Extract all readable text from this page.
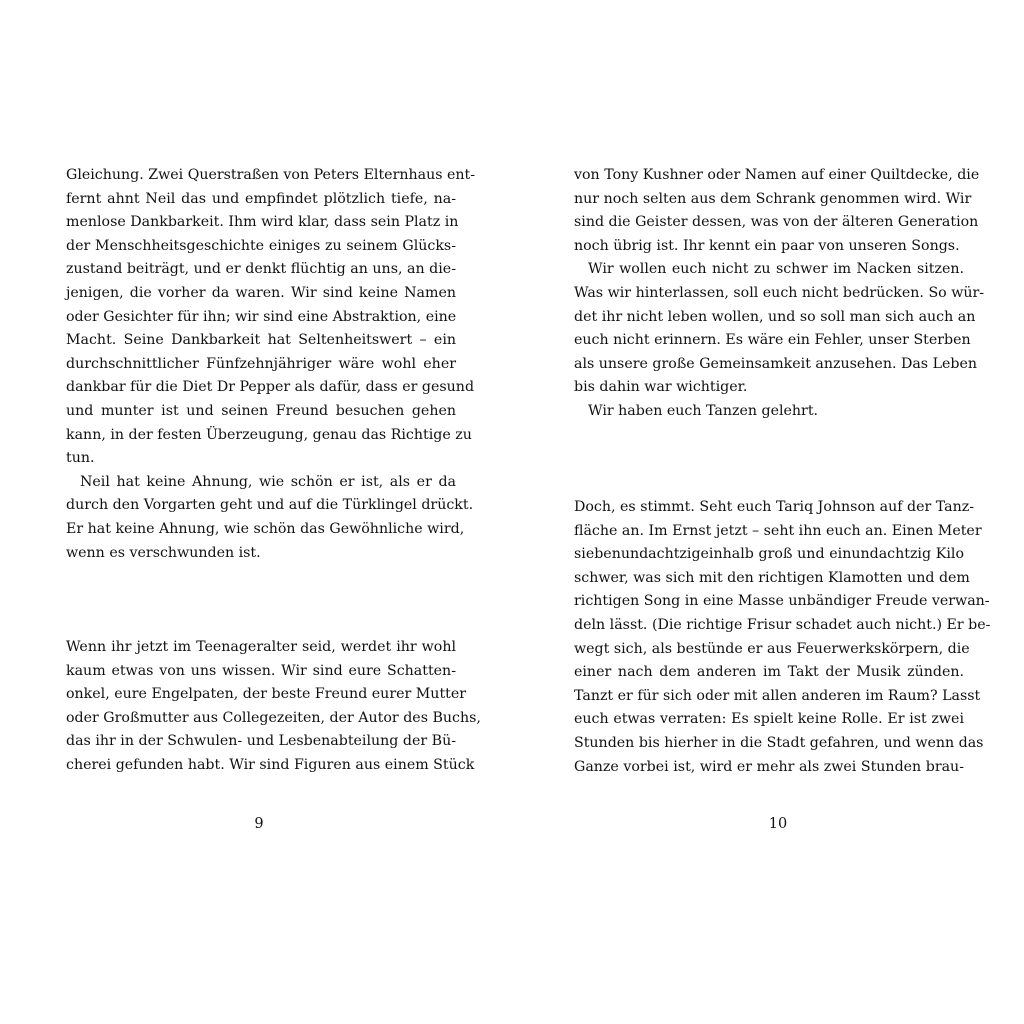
Gleichung. Zwei Querstraßen von Peters Elternhaus ent-
fernt ahnt Neil das und empfindet plötzlich tiefe, na-
menlose Dankbarkeit. Ihm wird klar, dass sein Platz in
der Menschheitsgeschichte einiges zu seinem Glücks-
zustand beiträgt, und er denkt flüchtig an uns, an die-
jenigen, die vorher da waren. Wir sind keine Namen
oder Gesichter für ihn; wir sind eine Abstraktion, eine
Macht. Seine Dankbarkeit hat Seltenheitswert – ein
durchschnittlicher Fünfzehnjähriger wäre wohl eher
dankbar für die Diet Dr Pepper als dafür, dass er gesund
und munter ist und seinen Freund besuchen gehen
kann, in der festen Überzeugung, genau das Richtige zu
tun.
Neil hat keine Ahnung, wie schön er ist, als er da
durch den Vorgarten geht und auf die Türklingel drückt.
Er hat keine Ahnung, wie schön das Gewöhnliche wird,
wenn es verschwunden ist.
Wenn ihr jetzt im Teenageralter seid, werdet ihr wohl
kaum etwas von uns wissen. Wir sind eure Schatten-
onkel, eure Engelpaten, der beste Freund eurer Mutter
oder Großmutter aus Collegezeiten, der Autor des Buchs,
das ihr in der Schwulen- und Lesbenabteilung der Bü-
cherei gefunden habt. Wir sind Figuren aus einem Stück
9
von Tony Kushner oder Namen auf einer Quiltdecke, die
nur noch selten aus dem Schrank genommen wird. Wir
sind die Geister dessen, was von der älteren Generation
noch übrig ist. Ihr kennt ein paar von unseren Songs.
Wir wollen euch nicht zu schwer im Nacken sitzen.
Was wir hinterlassen, soll euch nicht bedrücken. So wür-
det ihr nicht leben wollen, und so soll man sich auch an
euch nicht erinnern. Es wäre ein Fehler, unser Sterben
als unsere große Gemeinsamkeit anzusehen. Das Leben
bis dahin war wichtiger.
Wir haben euch Tanzen gelehrt.
Doch, es stimmt. Seht euch Tariq Johnson auf der Tanz-
fläche an. Im Ernst jetzt – seht ihn euch an. Einen Meter
siebenundachtzigeinhalb groß und einundachtzig Kilo
schwer, was sich mit den richtigen Klamotten und dem
richtigen Song in eine Masse unbändiger Freude verwan-
deln lässt. (Die richtige Frisur schadet auch nicht.) Er be-
wegt sich, als bestünde er aus Feuerwerkskörpern, die
einer nach dem anderen im Takt der Musik zünden.
Tanzt er für sich oder mit allen anderen im Raum? Lasst
euch etwas verraten: Es spielt keine Rolle. Er ist zwei
Stunden bis hierher in die Stadt gefahren, und wenn das
Ganze vorbei ist, wird er mehr als zwei Stunden brau-
10
